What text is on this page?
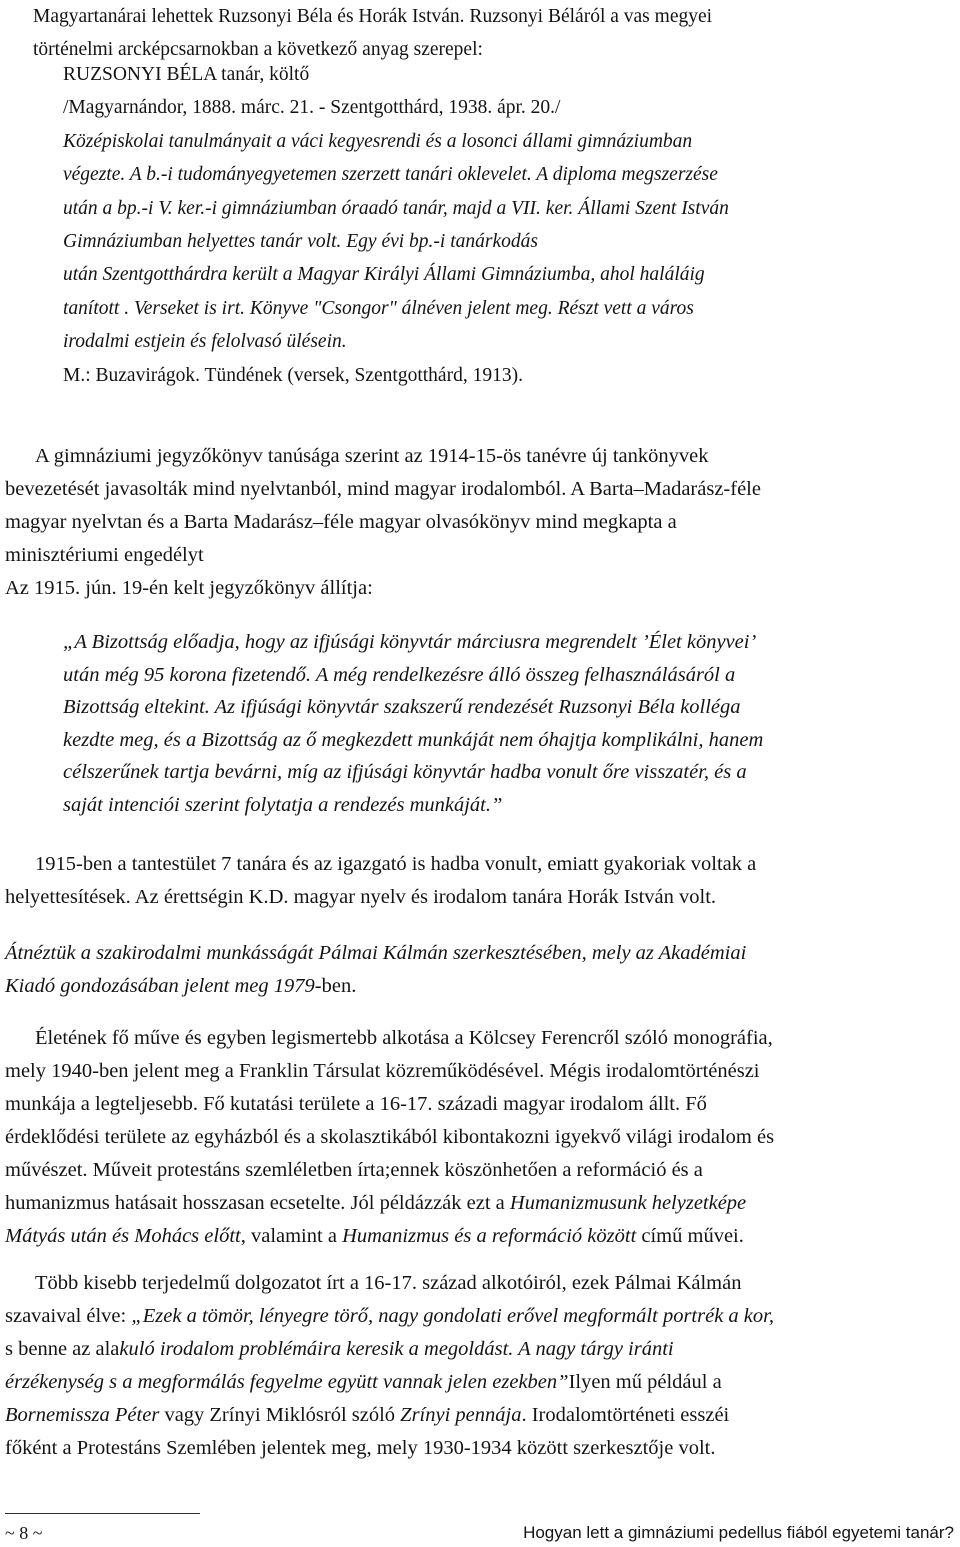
Magyartanárai lehettek Ruzsonyi Béla és Horák István. Ruzsonyi Béláról a vas megyei
történelmi arcképcsarnokban a következő anyag szerepel:
RUZSONYI BÉLA tanár, költő
/Magyarnándor, 1888. márc. 21. - Szentgotthárd, 1938. ápr. 20./
Középiskolai tanulmányait a váci kegyesrendi és a losonci állami gimnáziumban
végezte. A b.-i tudományegyetemen szerzett tanári oklevelet. A diploma megszerzése
után a bp.-i V. ker.-i gimnáziumban óraadó tanár, majd a VII. ker. Állami Szent István
Gimnáziumban helyettes tanár volt. Egy évi bp.-i tanárkodás
után Szentgotthárdra került a Magyar Királyi Állami Gimnáziumba, ahol haláláig
tanított . Verseket is irt. Könyve "Csongor" álnéven jelent meg. Részt vett a város
irodalmi estjein és felolvasó ülésein.
M.: Buzavirágok. Tündének (versek, Szentgotthárd, 1913).
A gimnáziumi jegyzőkönyv tanúsága szerint az 1914-15-ös tanévre új tankönyvek
bevezetését javasolták mind nyelvtanból, mind magyar irodalomból. A Barta–Madarász-féle
magyar nyelvtan és a Barta Madarász–féle magyar olvasókönyv mind megkapta a
minisztériumi engedélyt
Az 1915. jún. 19-én kelt jegyzőkönyv állítja:
„A Bizottság előadja, hogy az ifjúsági könyvtár márciusra megrendelt ’Élet könyvei’
után még 95 korona fizetendő. A még rendelkezésre álló összeg felhasználásáról a
Bizottság eltekint. Az ifjúsági könyvtár szakszerű rendezését Ruzsonyi Béla kolléga
kezdte meg, és a Bizottság az ő megkezdett munkáját nem óhajtja komplikálni, hanem
célszerűnek tartja bevárni, míg az ifjúsági könyvtár hadba vonult őre visszatér, és a
saját intenciói szerint folytatja a rendezés munkáját.”
1915-ben a tantestület 7 tanára és az igazgató is hadba vonult, emiatt gyakoriak voltak a
helyettesítések. Az érettségin K.D. magyar nyelv és irodalom tanára Horák István volt.
Átnéztük a szakirodalmi munkásságát Pálmai Kálmán szerkesztésében, mely az Akadémiai
Kiadó gondozásában jelent meg 1979-ben.
Életének fő műve és egyben legismertebb alkotása a Kölcsey Ferencről szóló monográfia,
mely 1940-ben jelent meg a Franklin Társulat közreműködésével. Mégis irodalomtörténészi
munkája a legteljesebb. Fő kutatási területe a 16-17. századi magyar irodalom állt. Fő
érdeklődési területe az egyházból és a skolasztikából kibontakozni igyekvő világi irodalom és
művészet. Műveit protestáns szemléletben írta;ennek köszönhetően a reformáció és a
humanizmus hatásait hosszasan ecsetelte. Jól példázzák ezt a Humanizmusunk helyzetképe
Mátyás után és Mohács előtt, valamint a Humanizmus és a reformáció között című művei.
Több kisebb terjedelmű dolgozatot írt a 16-17. század alkotóiról, ezek Pálmai Kálmán
szavaival élve: „Ezek a tömör, lényegre törő, nagy gondolati erővel megformált portrék a kor,
s benne az alakuló irodalom problémáira keresik a megoldást. A nagy tárgy iránti
érzékenység s a megformálás fegyelme együtt vannak jelen ezekben”Ilyen mű például a
Bornemissza Péter vagy Zrínyi Miklósról szóló Zrínyi pennája. Irodalomtörténeti esszéi
főként a Protestáns Szemlében jelentek meg, mely 1930-1934 között szerkesztője volt.
~ 8 ~	Hogyan lett a gimnáziumi pedellus fiából egyetemi tanár?
